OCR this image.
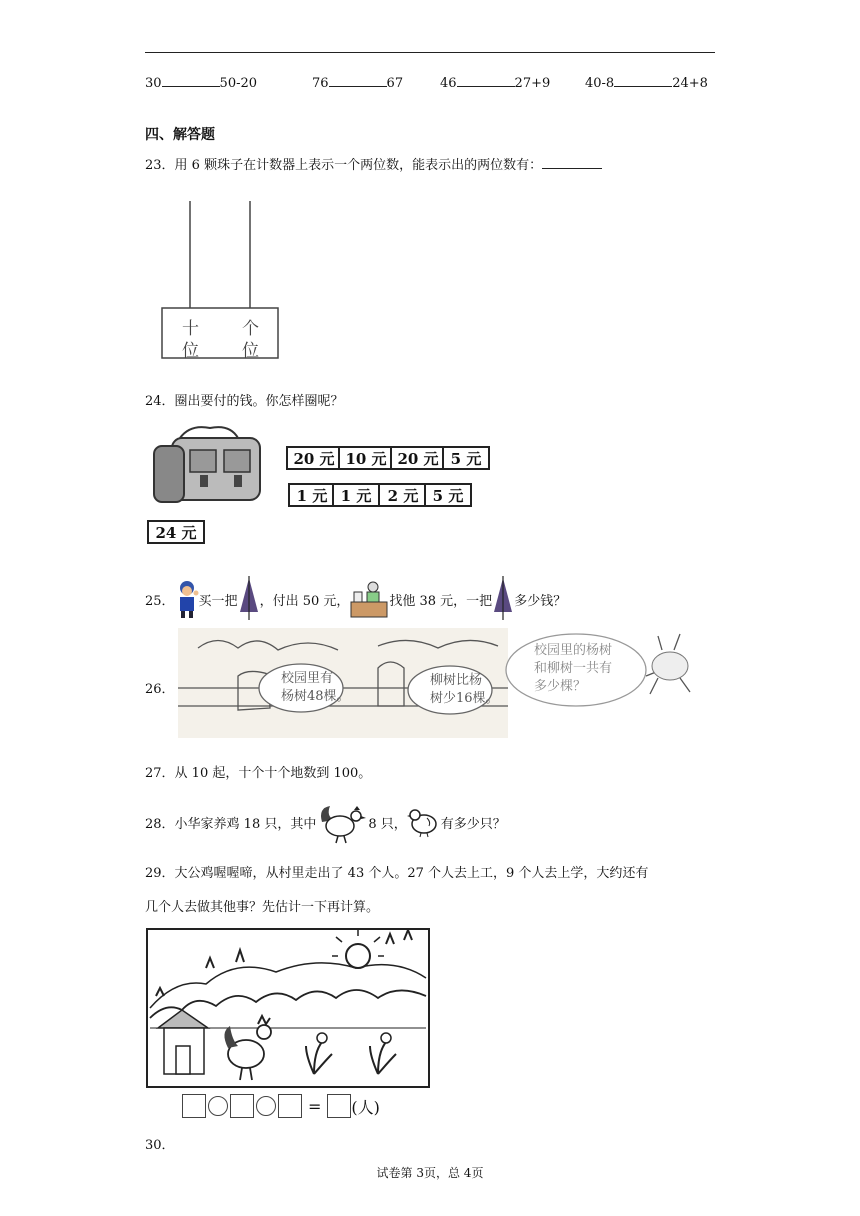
30	50-20	76	67	46	27+9	40-8	24+8
四、解答题
23．用 6 颗珠子在计数器上表示一个两位数，能表示出的两位数有：
十
位
个
位
24．圈出要付的钱。你怎样圈呢？
20 元 10 元 20 元 5 元
1 元 1 元	2 元 5 元
24 元
25． 买一把 ，付出 50 元，	找他 38 元，一把 多少钱？
26．
校园里有
杨树48棵。
柳树比杨
树少16棵。
校园里的杨树
和柳树一共有
多少棵？
27．从 10 起，十个十个地数到 100。
28．小华家养鸡 18 只，其中	8 只，	有多少只？
29．大公鸡喔喔啼，从村里走出了 43 个人。27 个人去上工，9 个人去上学，大约还有
几个人去做其他事？先估计一下再计算。
= (人)
30．
试卷第 3页，总 4页
